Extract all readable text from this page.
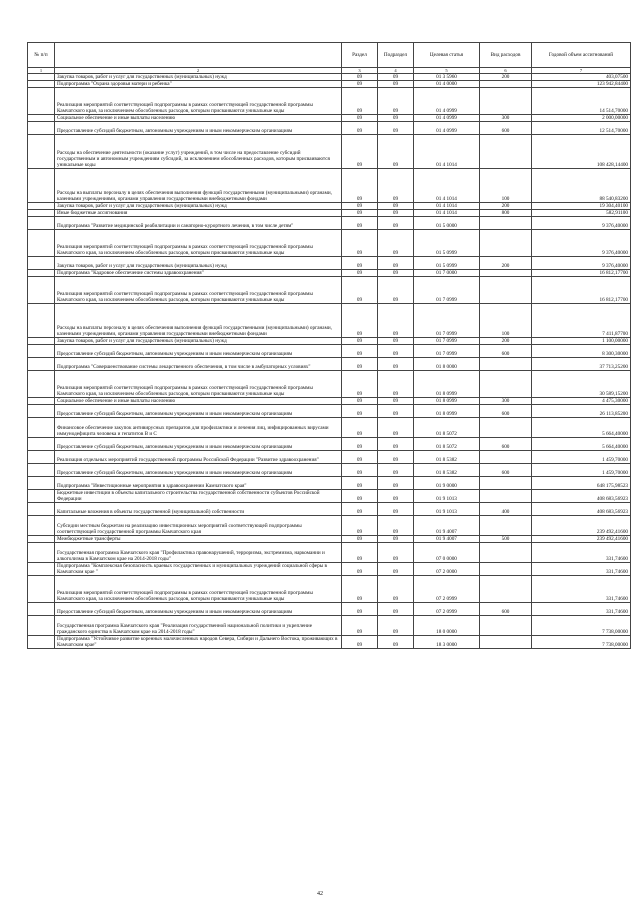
№ п/п		Раздел	Подраздел	Целевая статья	Вид расходов	Годовой объем ассигнований
1	2	3	4	5	6	7
	Закупка товаров, работ и услуг для государственных (муниципальных) нужд	09	09	01 3 5960	200	403,07500
	Подпрограмма "Охрана здоровья матери и ребенка"	09	09	01 4 0000		123 942,84400
	Реализация мероприятий соответствующей подпрограммы в рамках соответствующей государственной программы Камчатского края, за исключением обособленных расходов, которым присваиваются уникальные коды	09	09	01 4 0999		14 514,70000
	Социальное обеспечение и иные выплаты населению	09	09	01 4 0999	300	2 000,00000
	Предоставление субсидий бюджетным, автономным учреждениям и иным некоммерческим организациям	09	09	01 4 0999	600	12 514,70000
	Расходы на обеспечение деятельности (оказание услуг) учреждений, в том числе на предоставление субсидий государственным и автономным учреждениям субсидий, за исключением обособленных расходов, которым присваиваются уникальные коды	09	09	01 4 1014		108 428,14400
	Расходы на выплаты персоналу в целях обеспечения выполнения функций государственными (муниципальными) органами, казенными учреждениями, органами управления государственными внебюджетными фондами	09	09	01 4 1014	100	88 540,83200
	Закупка товаров, работ и услуг для государственных (муниципальных) нужд	09	09	01 4 1014	200	19 304,40100
	Иные бюджетные ассигнования	09	09	01 4 1014	800	582,91100
	Подпрограмма "Развитие медицинской реабилитации и санаторно-курортного лечения, в том числе детям"	09	09	01 5 0000		9 376,40000
	Реализация мероприятий соответствующей подпрограммы в рамках соответствующей государственной программы Камчатского края, за исключением обособленных расходов, которым присваиваются уникальные коды	09	09	01 5 0999		9 376,40000
	Закупка товаров, работ и услуг для государственных (муниципальных) нужд	09	09	01 5 0999	200	9 376,40000
	Подпрограмма "Кадровое обеспечение системы здравоохранения"	09	09	01 7 0000		16 812,17700
	Реализация мероприятий соответствующей подпрограммы в рамках соответствующей государственной программы Камчатского края, за исключением обособленных расходов, которым присваиваются уникальные коды	09	09	01 7 0999		16 812,17700
	Расходы на выплаты персоналу в целях обеспечения выполнения функций государственными (муниципальными) органами, казенными учреждениями, органами управления государственными внебюджетными фондами	09	09	01 7 0999	100	7 411,87700
	Закупка товаров, работ и услуг для государственных (муниципальных) нужд	09	09	01 7 0999	200	1 100,00000
	Предоставление субсидий бюджетным, автономным учреждениям и иным некоммерческим организациям	09	09	01 7 0999	600	8 300,30000
	Подпрограмма "Совершенствование системы лекарственного обеспечения, в том числе в амбулаторных условиях"	09	09	01 8 0000		37 713,25200
	Реализация мероприятий соответствующей подпрограммы в рамках соответствующей государственной программы Камчатского края, за исключением обособленных расходов, которым присваиваются уникальные коды	09	09	01 8 0999		30 589,15200
	Социальное обеспечение и иные выплаты населению	09	09	01 8 0999	300	4 475,30000
	Предоставление субсидий бюджетным, автономным учреждениям и иным некоммерческим организациям	09	09	01 8 0999	600	26 113,85200
	Финансовое обеспечение закупок антивирусных препаратов для профилактики и лечения лиц, инфицированных вирусами иммунодефицита человека и гепатитов В и С	09	09	01 8 5072		5 664,40000
	Предоставление субсидий бюджетным, автономным учреждениям и иным некоммерческим организациям	09	09	01 8 5072	600	5 664,40000
	Реализация отдельных мероприятий государственной программы Российской Федерации "Развитие здравоохранения"	09	09	01 8 5382		1 459,70000
	Предоставление субсидий бюджетным, автономным учреждениям и иным некоммерческим организациям	09	09	01 8 5382	600	1 459,70000
	Подпрограмма "Инвестиционные мероприятия в здравоохранении Камчатского края"	09	09	01 9 0000		648 175,98523
	Бюджетные инвестиции в объекты капитального строительства государственной собственности субъектов Российской Федерации	09	09	01 9 1013		408 683,56923
	Капитальные вложения в объекты государственной (муниципальной) собственности	09	09	01 9 1013	400	408 683,56923
	Субсидии местным бюджетам на реализацию инвестиционных мероприятий соответствующей подпрограммы соответствующей государственной программы Камчатского края	09	09	01 9 4007		239 492,41600
	Межбюджетные трансферты	09	09	01 9 4007	500	239 492,41600
	Государственная программа Камчатского края "Профилактика правонарушений, терроризма, экстремизма, наркомании и алкоголизма в Камчатском крае на 2014-2018 годы"	09	09	07 0 0000		331,74600
	Подпрограмма "Комплексная безопасность краевых государственных и муниципальных учреждений социальной сферы в Камчатском крае "	09	09	07 2 0000		331,74600
	Реализация мероприятий соответствующей подпрограммы в рамках соответствующей государственной программы Камчатского края, за исключением обособленных расходов, которым присваиваются уникальные коды	09	09	07 2 0999		331,74600
	Предоставление субсидий бюджетным, автономным учреждениям и иным некоммерческим организациям	09	09	07 2 0999	600	331,74600
	Государственная программа Камчатского края "Реализация государственной национальной политики и укрепление гражданского единства в Камчатском крае на 2014-2018 годы"	09	09	18 0 0000		7 738,00000
	Подпрограмма "Устойчивое развитие коренных малочисленных народов Севера, Сибири и Дальнего Востока, проживающих в Камчатском крае"	09	09	18 3 0000		7 738,00000
42
